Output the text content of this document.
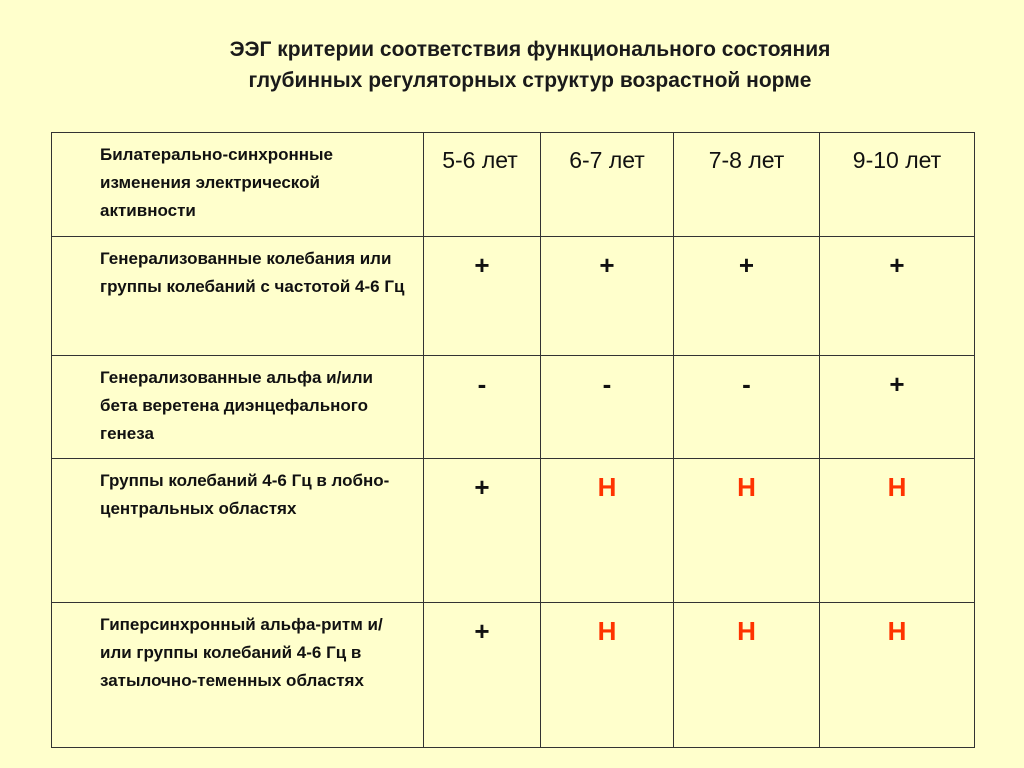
ЭЭГ критерии соответствия функционального состояния
глубинных регуляторных структур возрастной норме
Билатерально-синхронные изменения электрической активности	5-6 лет	6-7 лет	7-8 лет	9-10 лет
Генерализованные колебания или группы колебаний с частотой 4-6 Гц	+	+	+	+
Генерализованные альфа и/или бета веретена диэнцефального генеза	-	-	-	+
Группы колебаний 4-6 Гц в лобно-центральных областях	+	Н	Н	Н
Гиперсинхронный альфа-ритм и/или группы колебаний 4-6 Гц в затылочно-теменных областях	+	Н	Н	Н
